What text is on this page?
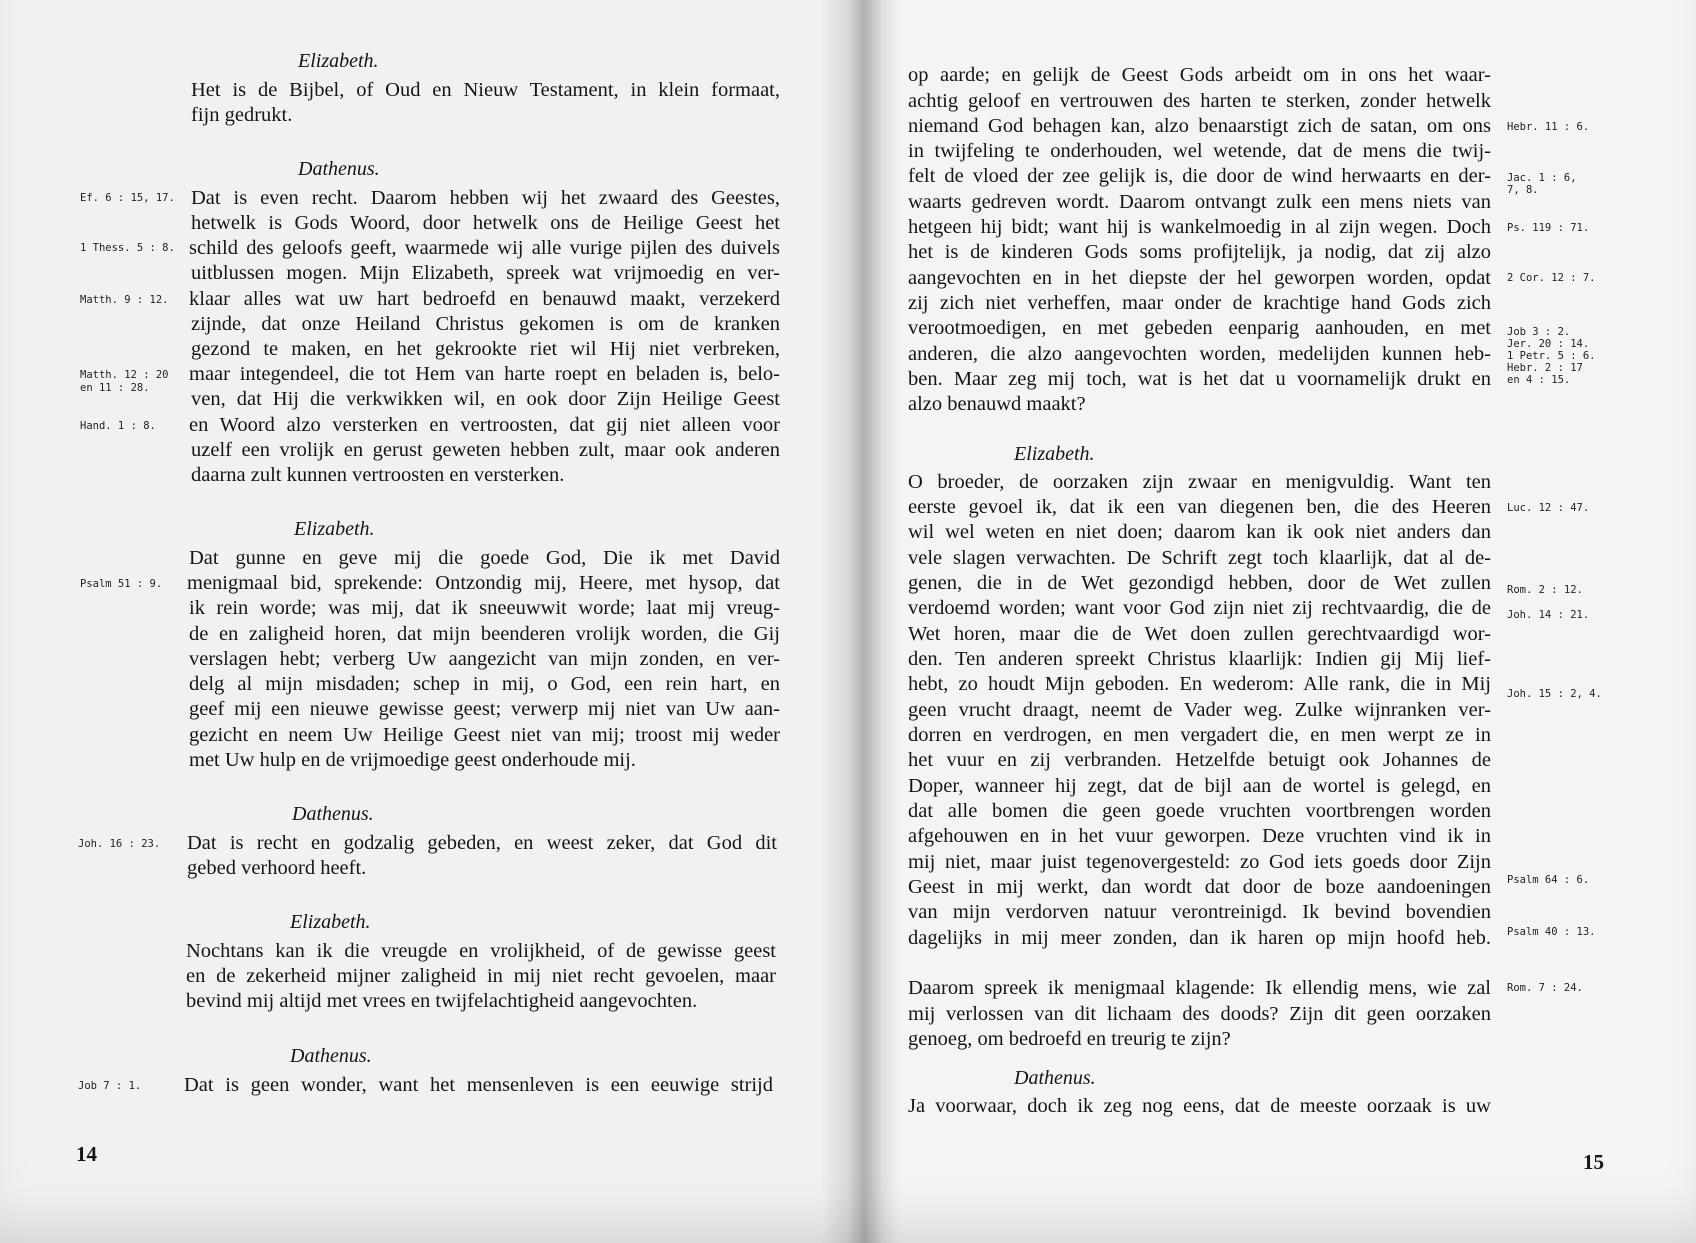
Elizabeth.
Het is de Bijbel, of Oud en Nieuw Testament, in klein formaat,
fijn gedrukt.
Dathenus.
Ef. 6 : 15, 17. Dat is even recht. Daarom hebben wij het zwaard des Geestes,
hetwelk is Gods Woord, door hetwelk ons de Heilige Geest het
1 Thess. 5 : 8. schild des geloofs geeft, waarmede wij alle vurige pijlen des duivels
uitblussen mogen. Mijn Elizabeth, spreek wat vrijmoedig en ver-
Matth. 9 : 12. klaar alles wat uw hart bedroefd en benauwd maakt, verzekerd
zijnde, dat onze Heiland Christus gekomen is om de kranken
gezond te maken, en het gekrookte riet wil Hij niet verbreken,
Matth. 12 : 20
en 11 : 28.
maar integendeel, die tot Hem van harte roept en beladen is, belo-
ven, dat Hij die verkwikken wil, en ook door Zijn Heilige Geest
Hand. 1 : 8. en Woord alzo versterken en vertroosten, dat gij niet alleen voor
uzelf een vrolijk en gerust geweten hebben zult, maar ook anderen
daarna zult kunnen vertroosten en versterken.
Elizabeth.
Dat gunne en geve mij die goede God, Die ik met David
Psalm 51 : 9. menigmaal bid, sprekende: Ontzondig mij, Heere, met hysop, dat
ik rein worde; was mij, dat ik sneeuwwit worde; laat mij vreug-
de en zaligheid horen, dat mijn beenderen vrolijk worden, die Gij
verslagen hebt; verberg Uw aangezicht van mijn zonden, en ver-
delg al mijn misdaden; schep in mij, o God, een rein hart, en
geef mij een nieuwe gewisse geest; verwerp mij niet van Uw aan-
gezicht en neem Uw Heilige Geest niet van mij; troost mij weder
met Uw hulp en de vrijmoedige geest onderhoude mij.
Dathenus.
Joh. 16 : 23. Dat is recht en godzalig gebeden, en weest zeker, dat God dit
gebed verhoord heeft.
Elizabeth.
Nochtans kan ik die vreugde en vrolijkheid, of de gewisse geest
en de zekerheid mijner zaligheid in mij niet recht gevoelen, maar
bevind mij altijd met vrees en twijfelachtigheid aangevochten.
Dathenus.
Job 7 : 1. Dat is geen wonder, want het mensenleven is een eeuwige strijd
14
op aarde; en gelijk de Geest Gods arbeidt om in ons het waar-
achtig geloof en vertrouwen des harten te sterken, zonder hetwelk
Hebr. 11 : 6.
niemand God behagen kan, alzo benaarstigt zich de satan, om ons
in twijfeling te onderhouden, wel wetende, dat de mens die twij-
Jac. 1 : 6,
7, 8.
felt de vloed der zee gelijk is, die door de wind herwaarts en der-
waarts gedreven wordt. Daarom ontvangt zulk een mens niets van
Ps. 119 : 71.
hetgeen hij bidt; want hij is wankelmoedig in al zijn wegen. Doch
het is de kinderen Gods soms profijtelijk, ja nodig, dat zij alzo
2 Cor. 12 : 7.
aangevochten en in het diepste der hel geworpen worden, opdat
zij zich niet verheffen, maar onder de krachtige hand Gods zich
Job 3 : 2.
Jer. 20 : 14.
1 Petr. 5 : 6.
Hebr. 2 : 17
en 4 : 15.
verootmoedigen, en met gebeden eenparig aanhouden, en met
anderen, die alzo aangevochten worden, medelijden kunnen heb-
ben. Maar zeg mij toch, wat is het dat u voornamelijk drukt en
alzo benauwd maakt?
Elizabeth.
O broeder, de oorzaken zijn zwaar en menigvuldig. Want ten
Luc. 12 : 47.
eerste gevoel ik, dat ik een van diegenen ben, die des Heeren
wil wel weten en niet doen; daarom kan ik ook niet anders dan
vele slagen verwachten. De Schrift zegt toch klaarlijk, dat al de-
Rom. 2 : 12.
genen, die in de Wet gezondigd hebben, door de Wet zullen
Joh. 14 : 21.
verdoemd worden; want voor God zijn niet zij rechtvaardig, die de
Wet horen, maar die de Wet doen zullen gerechtvaardigd wor-
den. Ten anderen spreekt Christus klaarlijk: Indien gij Mij lief-
hebt, zo houdt Mijn geboden. En wederom: Alle rank, die in Mij Joh. 15 : 2, 4.
geen vrucht draagt, neemt de Vader weg. Zulke wijnranken ver-
dorren en verdrogen, en men vergadert die, en men werpt ze in
het vuur en zij verbranden. Hetzelfde betuigt ook Johannes de
Doper, wanneer hij zegt, dat de bijl aan de wortel is gelegd, en
dat alle bomen die geen goede vruchten voortbrengen worden
afgehouwen en in het vuur geworpen. Deze vruchten vind ik in
Psalm 64 : 6.
mij niet, maar juist tegenovergesteld: zo God iets goeds door Zijn
Geest in mij werkt, dan wordt dat door de boze aandoeningen
Psalm 40 : 13.
van mijn verdorven natuur verontreinigd. Ik bevind bovendien
dagelijks in mij meer zonden, dan ik haren op mijn hoofd heb.
Rom. 7 : 24.
Daarom spreek ik menigmaal klagende: Ik ellendig mens, wie zal
mij verlossen van dit lichaam des doods? Zijn dit geen oorzaken
genoeg, om bedroefd en treurig te zijn?
Dathenus.
Ja voorwaar, doch ik zeg nog eens, dat de meeste oorzaak is uw
15
